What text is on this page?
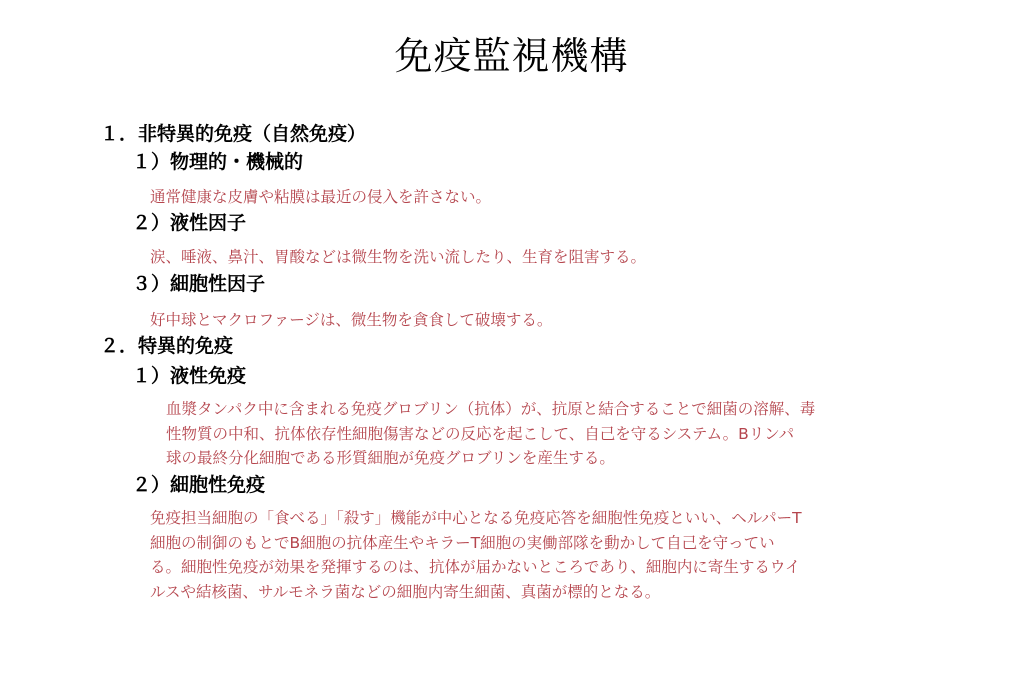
免疫監視機構
１．非特異的免疫（自然免疫）
１）物理的・機械的
通常健康な皮膚や粘膜は最近の侵入を許さない。
２）液性因子
涙、唾液、鼻汁、胃酸などは微生物を洗い流したり、生育を阻害する。
３）細胞性因子
好中球とマクロファージは、微生物を貪食して破壊する。
２．特異的免疫
１）液性免疫
血漿タンパク中に含まれる免疫グロブリン（抗体）が、抗原と結合することで細菌の溶解、毒
性物質の中和、抗体依存性細胞傷害などの反応を起こして、自己を守るシステム。Bリンパ
球の最終分化細胞である形質細胞が免疫グロブリンを産生する。
２）細胞性免疫
免疫担当細胞の「食べる」「殺す」機能が中心となる免疫応答を細胞性免疫といい、ヘルパーT
細胞の制御のもとでB細胞の抗体産生やキラーT細胞の実働部隊を動かして自己を守ってい
る。細胞性免疫が効果を発揮するのは、抗体が届かないところであり、細胞内に寄生するウイ
ルスや結核菌、サルモネラ菌などの細胞内寄生細菌、真菌が標的となる。
